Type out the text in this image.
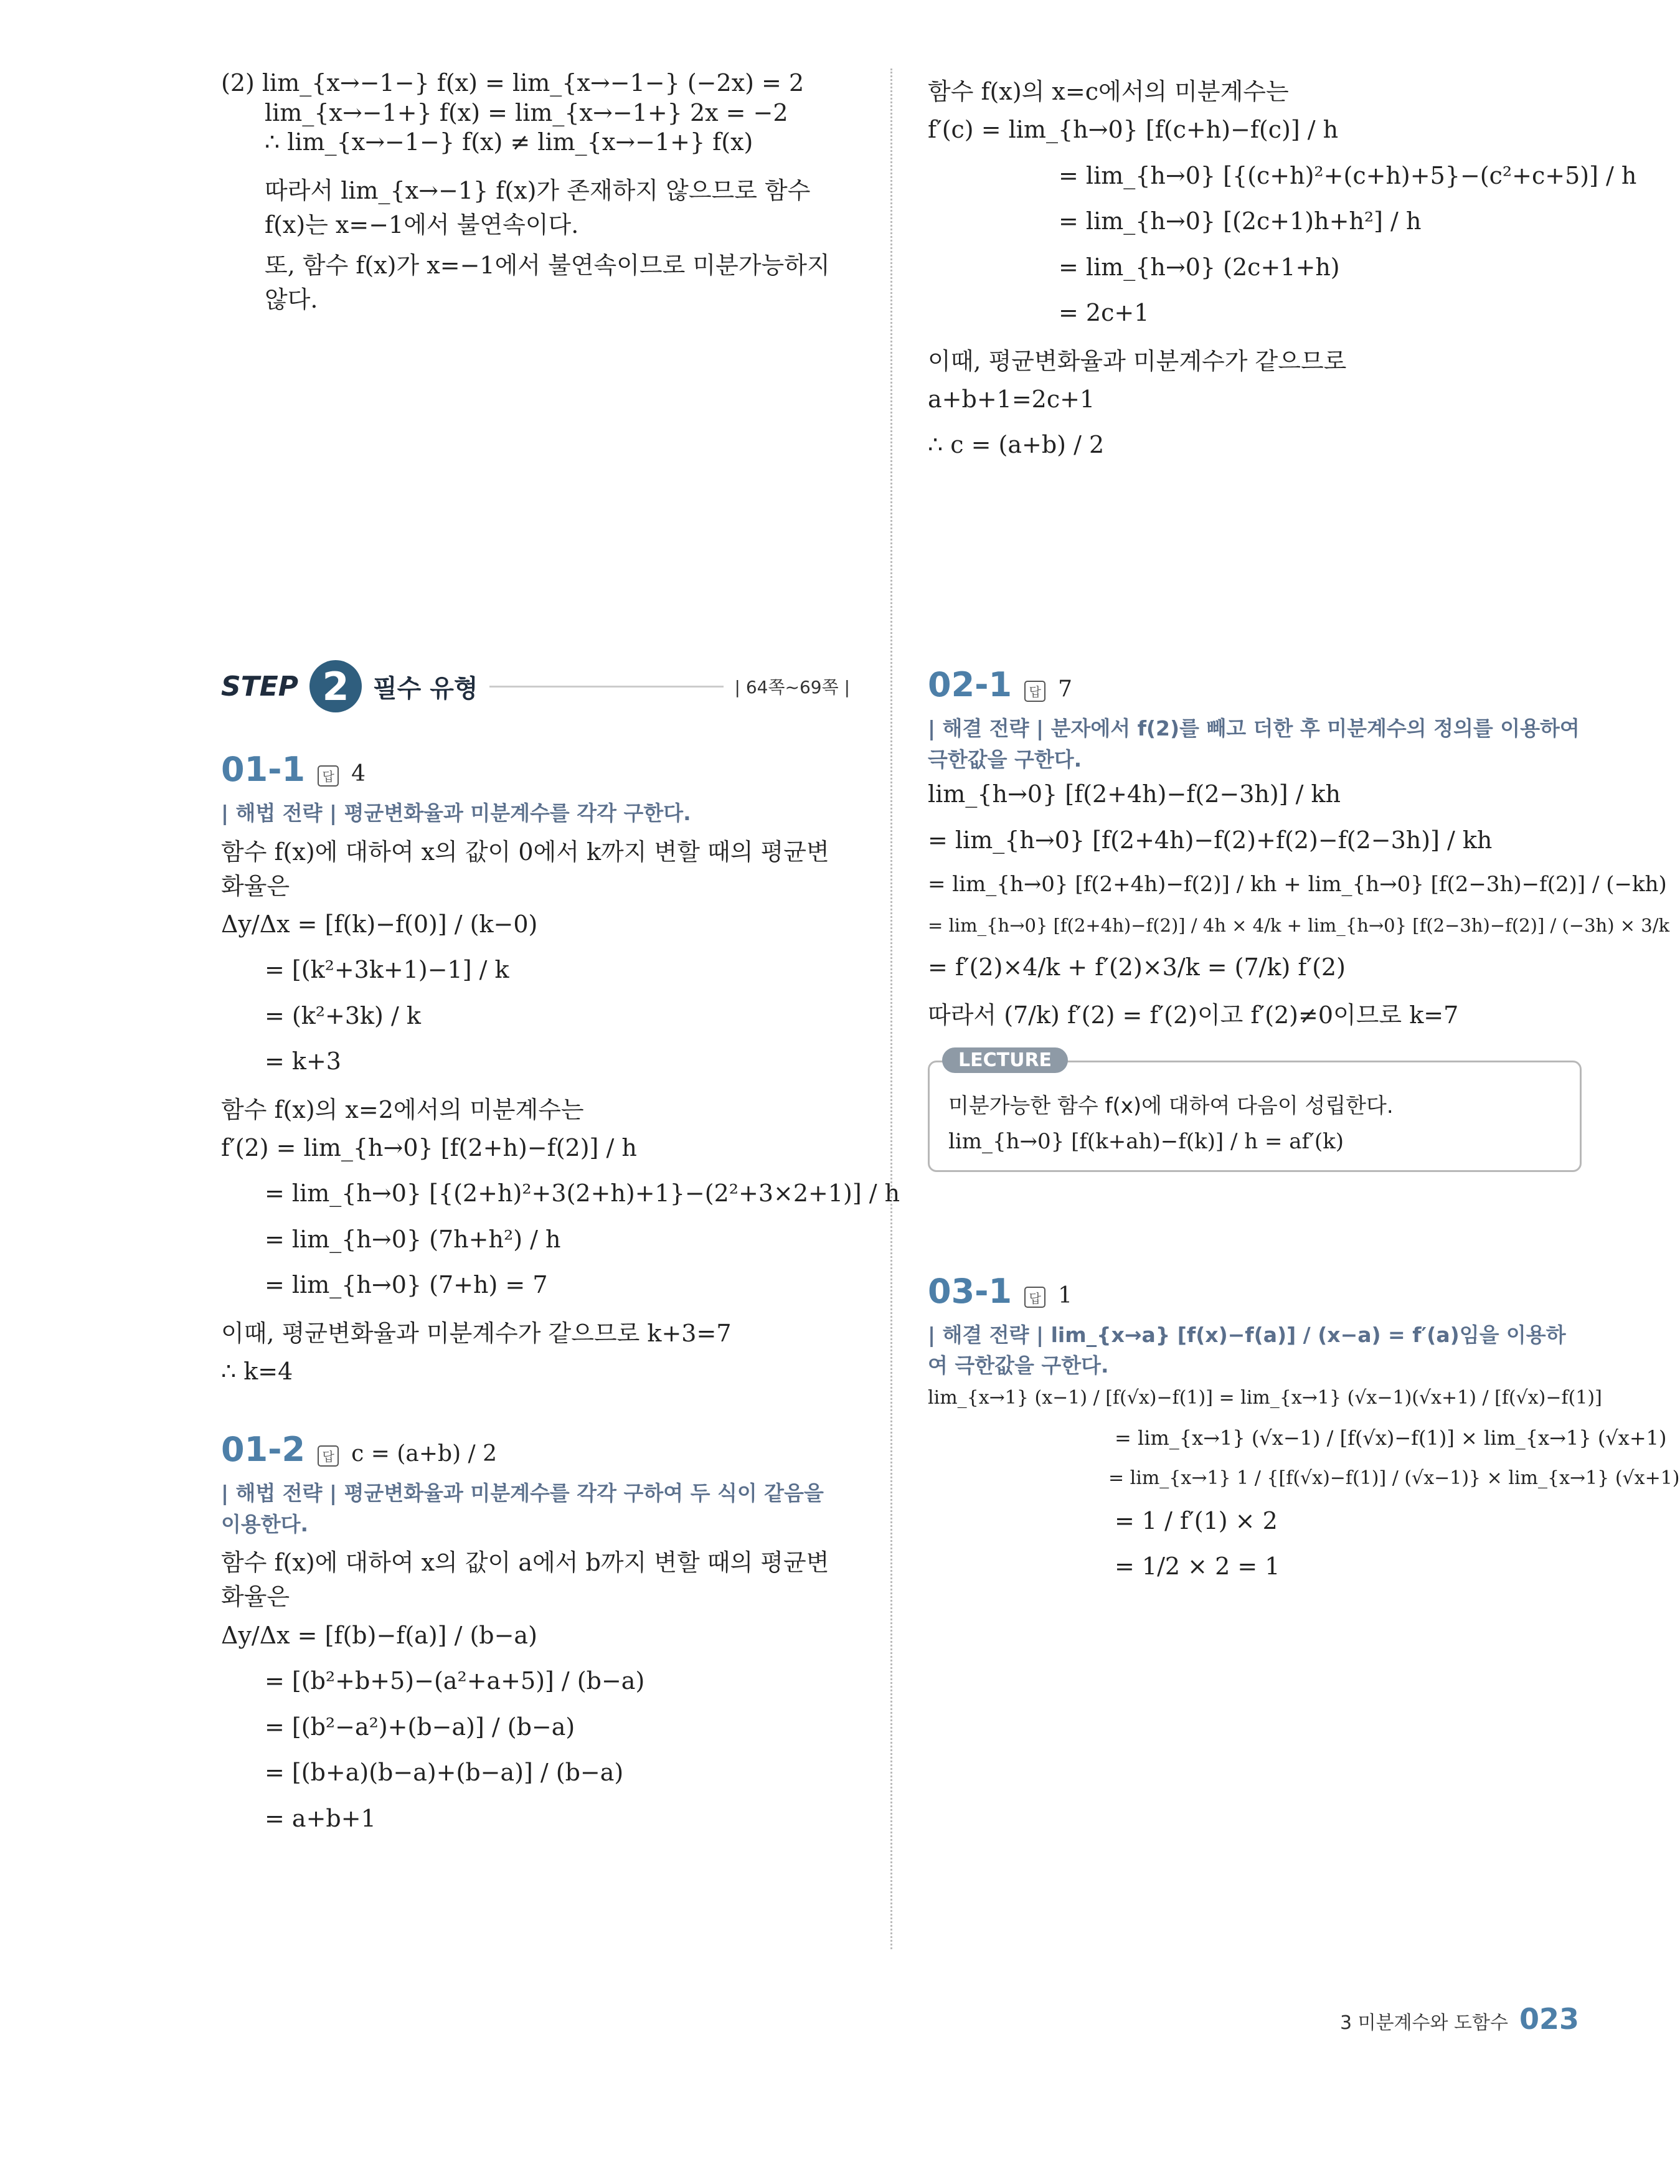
(2) lim_{x→−1−} f(x) = lim_{x→−1−} (−2x) = 2
lim_{x→−1+} f(x) = lim_{x→−1+} 2x = −2
∴ lim_{x→−1−} f(x) ≠ lim_{x→−1+} f(x)
따라서 lim_{x→−1} f(x)가 존재하지 않으므로 함수 f(x)는 x=−1에서 불연속이다.
또, 함수 f(x)가 x=−1에서 불연속이므로 미분가능하지 않다.
함수 f(x)의 x=c에서의 미분계수는
f′(c) = lim_{h→0} [f(c+h)−f(c)] / h
= lim_{h→0} [{(c+h)²+(c+h)+5}−(c²+c+5)] / h
= lim_{h→0} [(2c+1)h+h²] / h
= lim_{h→0} (2c+1+h)
= 2c+1
이때, 평균변화율과 미분계수가 같으므로
a+b+1=2c+1
∴ c = (a+b) / 2
STEP 2 필수 유형	| 64쪽~69쪽 |
01-1	답 4
| 해법 전략 | 평균변화율과 미분계수를 각각 구한다.
함수 f(x)에 대하여 x의 값이 0에서 k까지 변할 때의 평균변화율은
Δy/Δx = [f(k)−f(0)] / (k−0)
= [(k²+3k+1)−1] / k
= (k²+3k) / k
= k+3
함수 f(x)의 x=2에서의 미분계수는
f′(2) = lim_{h→0} [f(2+h)−f(2)] / h
= lim_{h→0} [{(2+h)²+3(2+h)+1}−(2²+3×2+1)] / h
= lim_{h→0} (7h+h²) / h
= lim_{h→0} (7+h) = 7
이때, 평균변화율과 미분계수가 같으므로 k+3=7
∴ k=4
01-2	답 c = (a+b) / 2
| 해법 전략 | 평균변화율과 미분계수를 각각 구하여 두 식이 같음을 이용한다.
함수 f(x)에 대하여 x의 값이 a에서 b까지 변할 때의 평균변화율은
Δy/Δx = [f(b)−f(a)] / (b−a)
= [(b²+b+5)−(a²+a+5)] / (b−a)
= [(b²−a²)+(b−a)] / (b−a)
= [(b+a)(b−a)+(b−a)] / (b−a)
= a+b+1
02-1	답 7
| 해결 전략 | 분자에서 f(2)를 빼고 더한 후 미분계수의 정의를 이용하여 극한값을 구한다.
lim_{h→0} [f(2+4h)−f(2−3h)] / kh
= lim_{h→0} [f(2+4h)−f(2)+f(2)−f(2−3h)] / kh
= lim_{h→0} [f(2+4h)−f(2)] / kh + lim_{h→0} [f(2−3h)−f(2)] / (−kh)
= lim_{h→0} [f(2+4h)−f(2)] / 4h × 4/k + lim_{h→0} [f(2−3h)−f(2)] / (−3h) × 3/k
= f′(2)×4/k + f′(2)×3/k = (7/k) f′(2)
따라서 (7/k) f′(2) = f′(2)이고 f′(2)≠0이므로 k=7
LECTURE
미분가능한 함수 f(x)에 대하여 다음이 성립한다.
lim_{h→0} [f(k+ah)−f(k)] / h = af′(k)
03-1	답 1
| 해결 전략 | lim_{x→a} [f(x)−f(a)] / (x−a) = f′(a)임을 이용하여 극한값을 구한다.
lim_{x→1} (x−1) / [f(√x)−f(1)] = lim_{x→1} (√x−1)(√x+1) / [f(√x)−f(1)]
= lim_{x→1} (√x−1) / [f(√x)−f(1)] × lim_{x→1} (√x+1)
= lim_{x→1} 1 / {[f(√x)−f(1)] / (√x−1)} × lim_{x→1} (√x+1)
= 1 / f′(1) × 2
= 1/2 × 2 = 1
3 미분계수와 도함수 023
